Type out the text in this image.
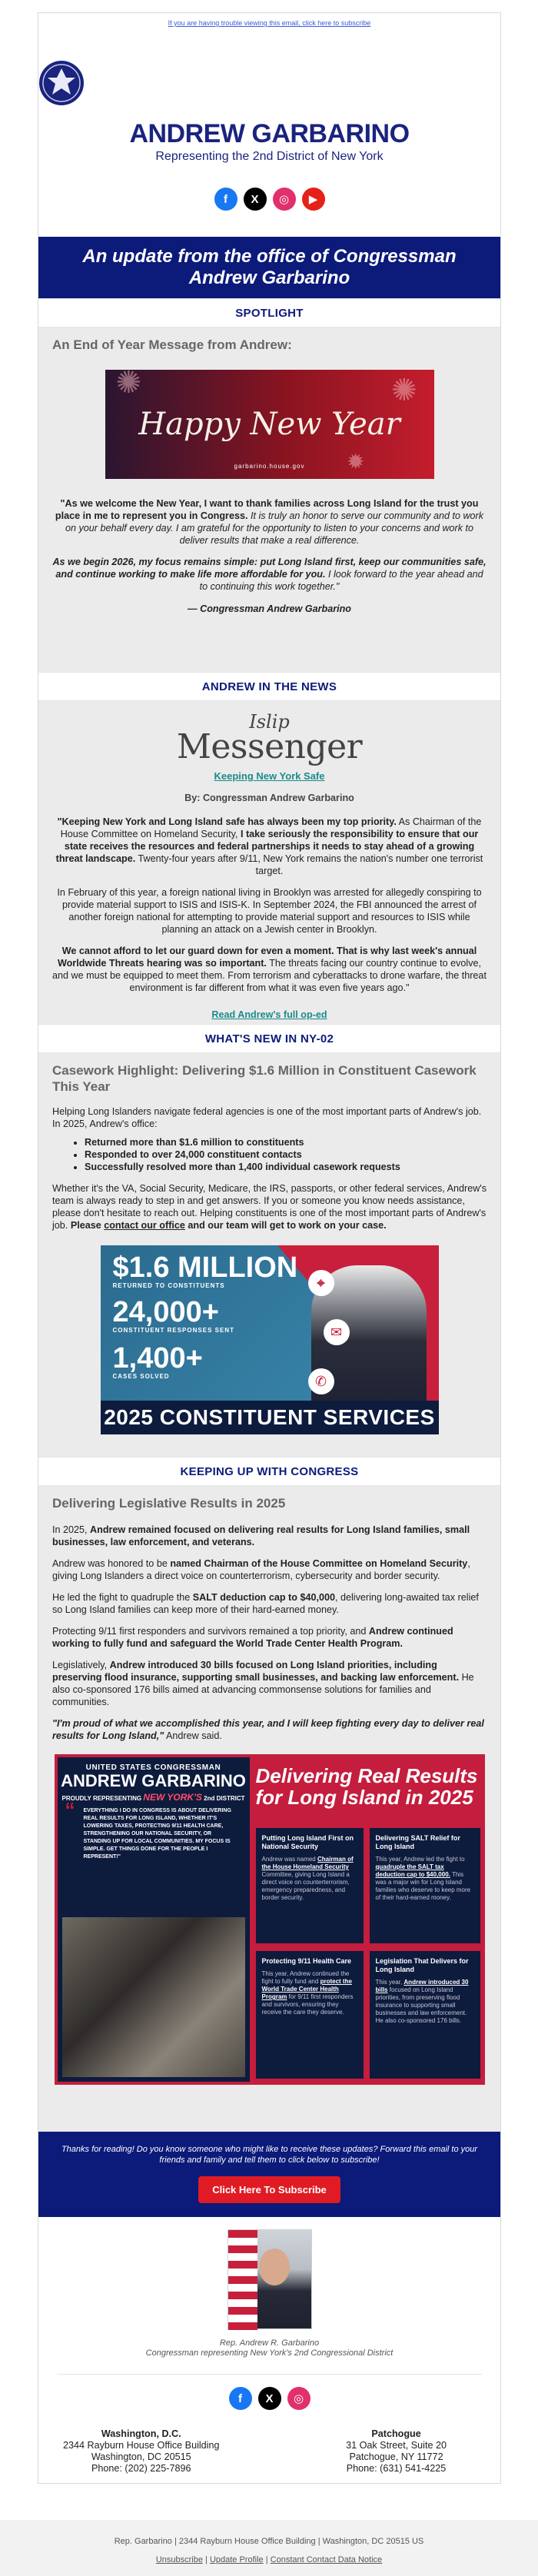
If you are having trouble viewing this email, click here to subscribe
ANDREW GARBARINO
Representing the 2nd District of New York
f	X	◎	▶
An update from the office of Congressman Andrew Garbarino
SPOTLIGHT
An End of Year Message from Andrew:
✺	✺
✹
Happy New Year
garbarino.house.gov
"As we welcome the New Year, I want to thank families across Long Island for the trust you place in me to represent you in Congress. It is truly an honor to serve our community and to work on your behalf every day. I am grateful for the opportunity to listen to your concerns and work to deliver results that make a real difference.
As we begin 2026, my focus remains simple: put Long Island first, keep our communities safe, and continue working to make life more affordable for you. I look forward to the year ahead and to continuing this work together."
— Congressman Andrew Garbarino
ANDREW IN THE NEWS
Islip
Messenger
Keeping New York Safe
By: Congressman Andrew Garbarino
"Keeping New York and Long Island safe has always been my top priority. As Chairman of the House Committee on Homeland Security, I take seriously the responsibility to ensure that our state receives the resources and federal partnerships it needs to stay ahead of a growing threat landscape. Twenty-four years after 9/11, New York remains the nation's number one terrorist target.
In February of this year, a foreign national living in Brooklyn was arrested for allegedly conspiring to provide material support to ISIS and ISIS-K. In September 2024, the FBI announced the arrest of another foreign national for attempting to provide material support and resources to ISIS while planning an attack on a Jewish center in Brooklyn.
We cannot afford to let our guard down for even a moment. That is why last week's annual Worldwide Threats hearing was so important. The threats facing our country continue to evolve, and we must be equipped to meet them. From terrorism and cyberattacks to drone warfare, the threat environment is far different from what it was even five years ago."
Read Andrew's full op-ed
WHAT'S NEW IN NY-02
Casework Highlight: Delivering $1.6 Million in Constituent Casework This Year
Helping Long Islanders navigate federal agencies is one of the most important parts of Andrew's job. In 2025, Andrew's office:
• Returned more than $1.6 million to constituents
• Responded to over 24,000 constituent contacts
• Successfully resolved more than 1,400 individual casework requests
Whether it's the VA, Social Security, Medicare, the IRS, passports, or other federal services, Andrew's team is always ready to step in and get answers. If you or someone you know needs assistance, please don't hesitate to reach out. Helping constituents is one of the most important parts of Andrew's job. Please contact our office and our team will get to work on your case.
⌖
✉
✆
$1.6 MILLION
RETURNED TO CONSTITUENTS
24,000+
CONSTITUENT RESPONSES SENT
1,400+
CASES SOLVED
2025 CONSTITUENT SERVICES
KEEPING UP WITH CONGRESS
Delivering Legislative Results in 2025
In 2025, Andrew remained focused on delivering real results for Long Island families, small businesses, law enforcement, and veterans.
Andrew was honored to be named Chairman of the House Committee on Homeland Security, giving Long Islanders a direct voice on counterterrorism, cybersecurity and border security.
He led the fight to quadruple the SALT deduction cap to $40,000, delivering long-awaited tax relief so Long Island families can keep more of their hard-earned money.
Protecting 9/11 first responders and survivors remained a top priority, and Andrew continued working to fully fund and safeguard the World Trade Center Health Program.
Legislatively, Andrew introduced 30 bills focused on Long Island priorities, including preserving flood insurance, supporting small businesses, and backing law enforcement. He also co-sponsored 176 bills aimed at advancing commonsense solutions for families and communities.
"I'm proud of what we accomplished this year, and I will keep fighting every day to deliver real results for Long Island," Andrew said.
UNITED STATES CONGRESSMAN
ANDREW GARBARINO
PROUDLY REPRESENTING NEW YORK'S 2nd DISTRICT
“ EVERYTHING I DO IN CONGRESS IS ABOUT DELIVERING REAL RESULTS FOR LONG ISLAND, WHETHER IT'S LOWERING TAXES, PROTECTING 9/11 HEALTH CARE, STRENGTHENING OUR NATIONAL SECURITY, OR STANDING UP FOR LOCAL COMMUNITIES. MY FOCUS IS SIMPLE. GET THINGS DONE FOR THE PEOPLE I REPRESENT!"
Delivering Real Results for Long Island in 2025
Putting Long Island First on National Security
Andrew was named Chairman of the House Homeland Security Committee, giving Long Island a direct voice on counterterrorism, emergency preparedness, and border security.
Delivering SALT Relief for Long Island
This year, Andrew led the fight to quadruple the SALT tax deduction cap to $40,000. This was a major win for Long Island families who deserve to keep more of their hard-earned money.
Protecting 9/11 Health Care
This year, Andrew continued the fight to fully fund and protect the World Trade Center Health Program for 9/11 first responders and survivors, ensuring they receive the care they deserve.
Legislation That Delivers for Long Island
This year, Andrew introduced 30 bills focused on Long Island priorities, from preserving flood insurance to supporting small businesses and law enforcement. He also co-sponsored 176 bills.
Thanks for reading! Do you know someone who might like to receive these updates? Forward this email to your friends and family and tell them to click below to subscribe!
Click Here To Subscribe
Rep. Andrew R. Garbarino
Congressman representing New York's 2nd Congressional District
f	X	◎
Washington, D.C.
2344 Rayburn House Office Building
Washington, DC 20515
Phone: (202) 225-7896
Patchogue
31 Oak Street, Suite 20
Patchogue, NY 11772
Phone: (631) 541-4225
Rep. Garbarino | 2344 Rayburn House Office Building | Washington, DC 20515 US
Unsubscribe | Update Profile | Constant Contact Data Notice
